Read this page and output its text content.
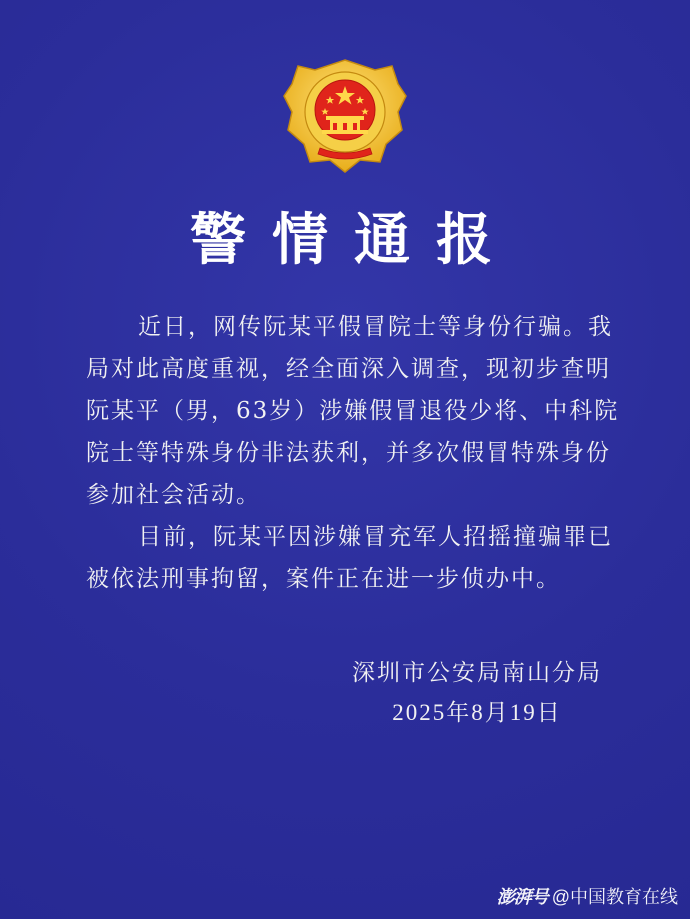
警情通报
近日，网传阮某平假冒院士等身份行骗。我
局对此高度重视，经全面深入调查，现初步查明
阮某平（男，63岁）涉嫌假冒退役少将、中科院
院士等特殊身份非法获利，并多次假冒特殊身份
参加社会活动。
目前，阮某平因涉嫌冒充军人招摇撞骗罪已
被依法刑事拘留，案件正在进一步侦办中。
深圳市公安局南山分局
2025年8月19日
澎湃号 @中国教育在线
